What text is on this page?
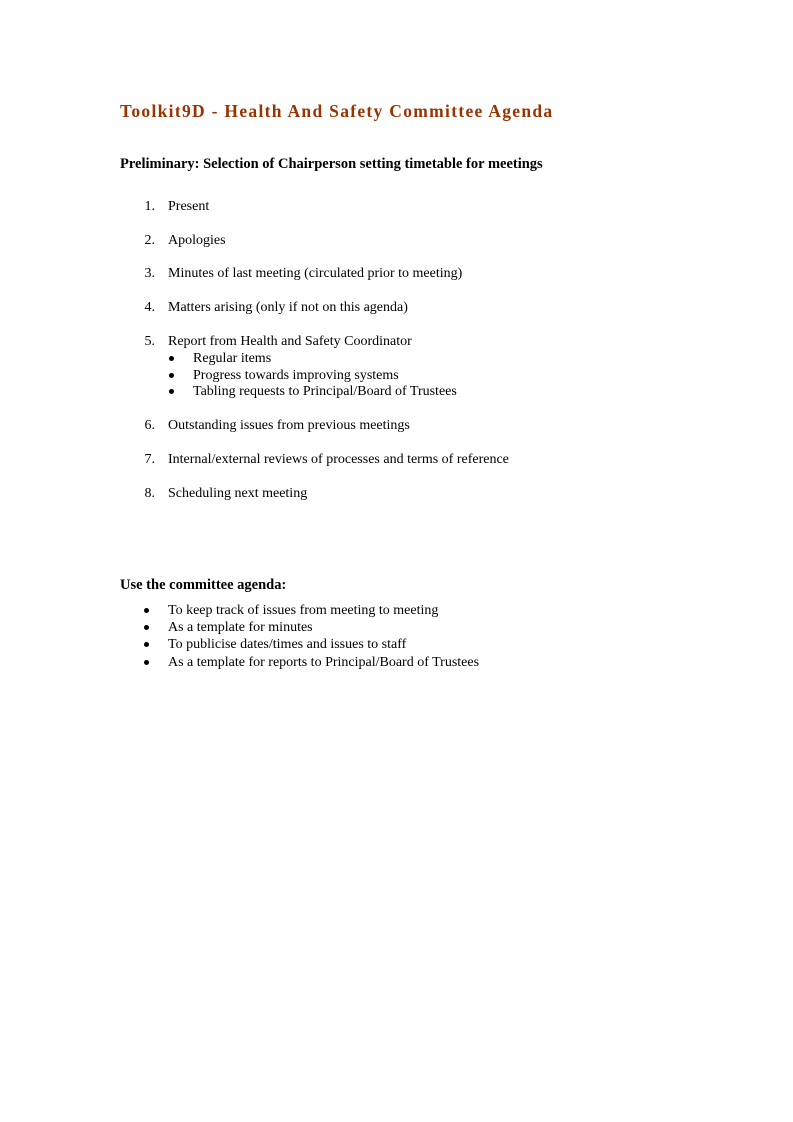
Toolkit9D - Health And Safety Committee Agenda
Preliminary: Selection of Chairperson setting timetable for meetings
1. Present
2. Apologies
3. Minutes of last meeting (circulated prior to meeting)
4. Matters arising (only if not on this agenda)
5. Report from Health and Safety Coordinator
Regular items
Progress towards improving systems
Tabling requests to Principal/Board of Trustees
6. Outstanding issues from previous meetings
7. Internal/external reviews of processes and terms of reference
8. Scheduling next meeting
Use the committee agenda:
To keep track of issues from meeting to meeting
As a template for minutes
To publicise dates/times and issues to staff
As a template for reports to Principal/Board of Trustees
